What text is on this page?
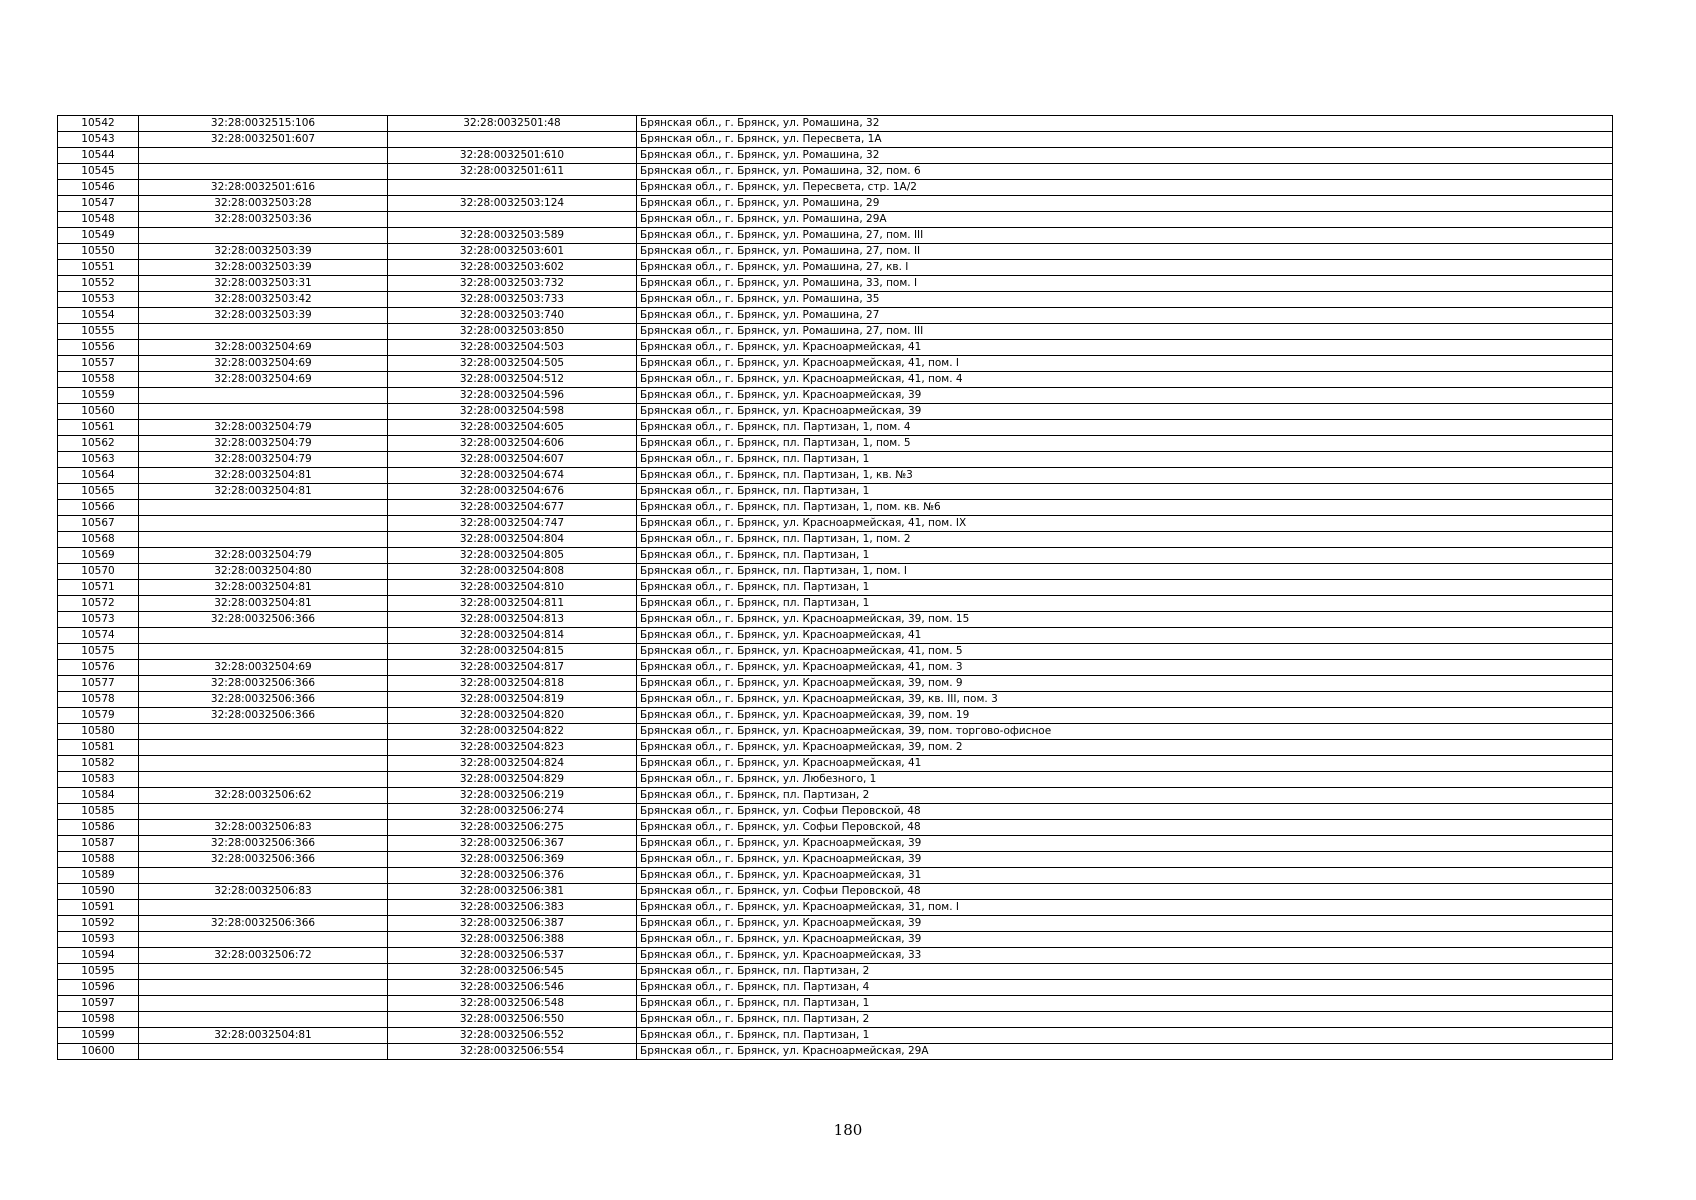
10542	32:28:0032515:106	32:28:0032501:48	Брянская обл., г. Брянск, ул. Ромашина, 32
10543	32:28:0032501:607		Брянская обл., г. Брянск, ул. Пересвета, 1А
10544		32:28:0032501:610	Брянская обл., г. Брянск, ул. Ромашина, 32
10545		32:28:0032501:611	Брянская обл., г. Брянск, ул. Ромашина, 32, пом. 6
10546	32:28:0032501:616		Брянская обл., г. Брянск, ул. Пересвета, стр. 1А/2
10547	32:28:0032503:28	32:28:0032503:124	Брянская обл., г. Брянск, ул. Ромашина, 29
10548	32:28:0032503:36		Брянская обл., г. Брянск, ул. Ромашина, 29А
10549		32:28:0032503:589	Брянская обл., г. Брянск, ул. Ромашина, 27, пом. III
10550	32:28:0032503:39	32:28:0032503:601	Брянская обл., г. Брянск, ул. Ромашина, 27, пом. II
10551	32:28:0032503:39	32:28:0032503:602	Брянская обл., г. Брянск, ул. Ромашина, 27, кв. I
10552	32:28:0032503:31	32:28:0032503:732	Брянская обл., г. Брянск, ул. Ромашина, 33, пом. I
10553	32:28:0032503:42	32:28:0032503:733	Брянская обл., г. Брянск, ул. Ромашина, 35
10554	32:28:0032503:39	32:28:0032503:740	Брянская обл., г. Брянск, ул. Ромашина, 27
10555		32:28:0032503:850	Брянская обл., г. Брянск, ул. Ромашина, 27, пом. III
10556	32:28:0032504:69	32:28:0032504:503	Брянская обл., г. Брянск, ул. Красноармейская, 41
10557	32:28:0032504:69	32:28:0032504:505	Брянская обл., г. Брянск, ул. Красноармейская, 41, пом. I
10558	32:28:0032504:69	32:28:0032504:512	Брянская обл., г. Брянск, ул. Красноармейская, 41, пом. 4
10559		32:28:0032504:596	Брянская обл., г. Брянск, ул. Красноармейская, 39
10560		32:28:0032504:598	Брянская обл., г. Брянск, ул. Красноармейская, 39
10561	32:28:0032504:79	32:28:0032504:605	Брянская обл., г. Брянск, пл. Партизан, 1, пом. 4
10562	32:28:0032504:79	32:28:0032504:606	Брянская обл., г. Брянск, пл. Партизан, 1, пом. 5
10563	32:28:0032504:79	32:28:0032504:607	Брянская обл., г. Брянск, пл. Партизан, 1
10564	32:28:0032504:81	32:28:0032504:674	Брянская обл., г. Брянск, пл. Партизан, 1, кв. №3
10565	32:28:0032504:81	32:28:0032504:676	Брянская обл., г. Брянск, пл. Партизан, 1
10566		32:28:0032504:677	Брянская обл., г. Брянск, пл. Партизан, 1, пом. кв. №6
10567		32:28:0032504:747	Брянская обл., г. Брянск, ул. Красноармейская, 41, пом. IX
10568		32:28:0032504:804	Брянская обл., г. Брянск, пл. Партизан, 1, пом. 2
10569	32:28:0032504:79	32:28:0032504:805	Брянская обл., г. Брянск, пл. Партизан, 1
10570	32:28:0032504:80	32:28:0032504:808	Брянская обл., г. Брянск, пл. Партизан, 1, пом. I
10571	32:28:0032504:81	32:28:0032504:810	Брянская обл., г. Брянск, пл. Партизан, 1
10572	32:28:0032504:81	32:28:0032504:811	Брянская обл., г. Брянск, пл. Партизан, 1
10573	32:28:0032506:366	32:28:0032504:813	Брянская обл., г. Брянск, ул. Красноармейская, 39, пом. 15
10574		32:28:0032504:814	Брянская обл., г. Брянск, ул. Красноармейская, 41
10575		32:28:0032504:815	Брянская обл., г. Брянск, ул. Красноармейская, 41, пом. 5
10576	32:28:0032504:69	32:28:0032504:817	Брянская обл., г. Брянск, ул. Красноармейская, 41, пом. 3
10577	32:28:0032506:366	32:28:0032504:818	Брянская обл., г. Брянск, ул. Красноармейская, 39, пом. 9
10578	32:28:0032506:366	32:28:0032504:819	Брянская обл., г. Брянск, ул. Красноармейская, 39, кв. III, пом. 3
10579	32:28:0032506:366	32:28:0032504:820	Брянская обл., г. Брянск, ул. Красноармейская, 39, пом. 19
10580		32:28:0032504:822	Брянская обл., г. Брянск, ул. Красноармейская, 39, пом. торгово-офисное
10581		32:28:0032504:823	Брянская обл., г. Брянск, ул. Красноармейская, 39, пом. 2
10582		32:28:0032504:824	Брянская обл., г. Брянск, ул. Красноармейская, 41
10583		32:28:0032504:829	Брянская обл., г. Брянск, ул. Любезного, 1
10584	32:28:0032506:62	32:28:0032506:219	Брянская обл., г. Брянск, пл. Партизан, 2
10585		32:28:0032506:274	Брянская обл., г. Брянск, ул. Софьи Перовской, 48
10586	32:28:0032506:83	32:28:0032506:275	Брянская обл., г. Брянск, ул. Софьи Перовской, 48
10587	32:28:0032506:366	32:28:0032506:367	Брянская обл., г. Брянск, ул. Красноармейская, 39
10588	32:28:0032506:366	32:28:0032506:369	Брянская обл., г. Брянск, ул. Красноармейская, 39
10589		32:28:0032506:376	Брянская обл., г. Брянск, ул. Красноармейская, 31
10590	32:28:0032506:83	32:28:0032506:381	Брянская обл., г. Брянск, ул. Софьи Перовской, 48
10591		32:28:0032506:383	Брянская обл., г. Брянск, ул. Красноармейская, 31, пом. I
10592	32:28:0032506:366	32:28:0032506:387	Брянская обл., г. Брянск, ул. Красноармейская, 39
10593		32:28:0032506:388	Брянская обл., г. Брянск, ул. Красноармейская, 39
10594	32:28:0032506:72	32:28:0032506:537	Брянская обл., г. Брянск, ул. Красноармейская, 33
10595		32:28:0032506:545	Брянская обл., г. Брянск, пл. Партизан, 2
10596		32:28:0032506:546	Брянская обл., г. Брянск, пл. Партизан, 4
10597		32:28:0032506:548	Брянская обл., г. Брянск, пл. Партизан, 1
10598		32:28:0032506:550	Брянская обл., г. Брянск, пл. Партизан, 2
10599	32:28:0032504:81	32:28:0032506:552	Брянская обл., г. Брянск, пл. Партизан, 1
10600		32:28:0032506:554	Брянская обл., г. Брянск, ул. Красноармейская, 29А
180
